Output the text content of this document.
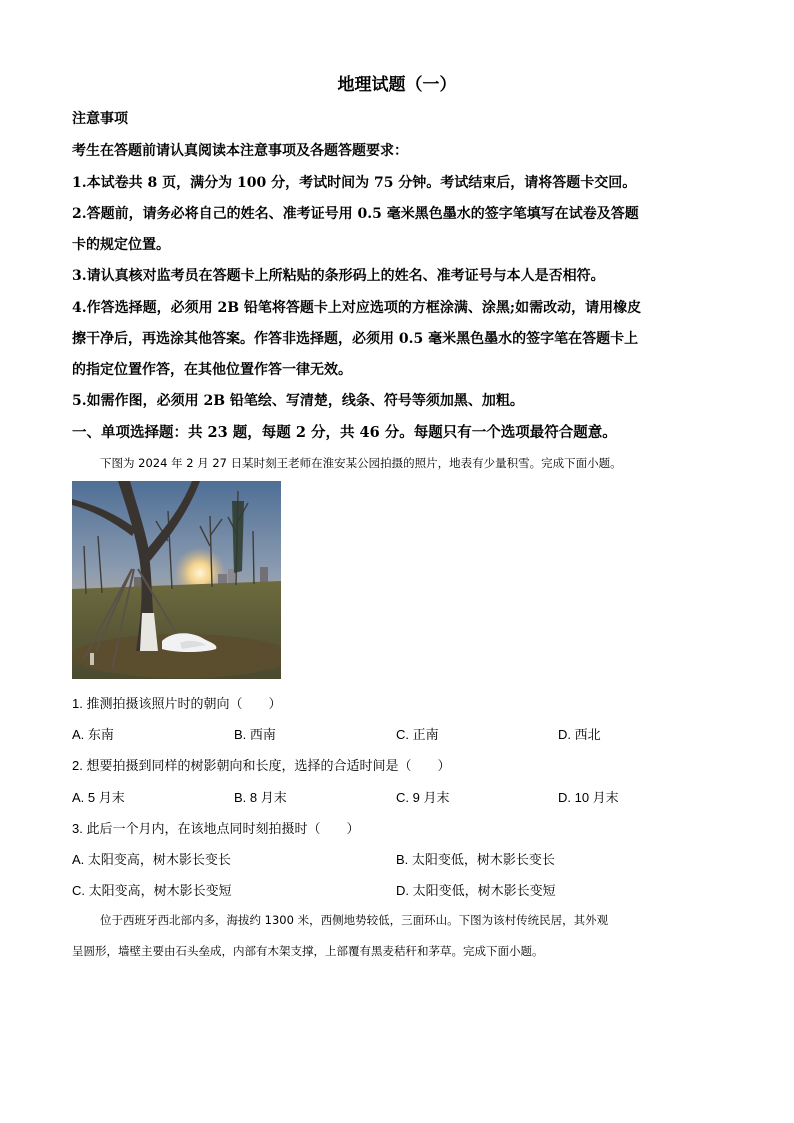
地理试题（一）
注意事项
考生在答题前请认真阅读本注意事项及各题答题要求：
1.本试卷共 8 页，满分为 100 分，考试时间为 75 分钟。考试结束后，请将答题卡交回。
2.答题前，请务必将自己的姓名、准考证号用 0.5 毫米黑色墨水的签字笔填写在试卷及答题
卡的规定位置。
3.请认真核对监考员在答题卡上所粘贴的条形码上的姓名、准考证号与本人是否相符。
4.作答选择题，必须用 2B 铅笔将答题卡上对应选项的方框涂满、涂黑;如需改动，请用橡皮
擦干净后，再选涂其他答案。作答非选择题，必须用 0.5 毫米黑色墨水的签字笔在答题卡上
的指定位置作答，在其他位置作答一律无效。
5.如需作图，必须用 2B 铅笔绘、写清楚，线条、符号等须加黑、加粗。
一、单项选择题：共 23 题，每题 2 分，共 46 分。每题只有一个选项最符合题意。
下图为 2024 年 2 月 27 日某时刻王老师在淮安某公园拍摄的照片，地表有少量积雪。完成下面小题。
1. 推测拍摄该照片时的朝向（　　）
A. 东南	B. 西南	C. 正南	D. 西北
2. 想要拍摄到同样的树影朝向和长度，选择的合适时间是（　　）
A. 5 月末	B. 8 月末	C. 9 月末	D. 10 月末
3. 此后一个月内，在该地点同时刻拍摄时（　　）
A. 太阳变高，树木影长变长	B. 太阳变低，树木影长变长
C. 太阳变高，树木影长变短	D. 太阳变低，树木影长变短
位于西班牙西北部内多，海拔约 1300 米，西侧地势较低，三面环山。下图为该村传统民居，其外观
呈圆形，墙壁主要由石头垒成，内部有木架支撑，上部覆有黑麦秸秆和茅草。完成下面小题。
